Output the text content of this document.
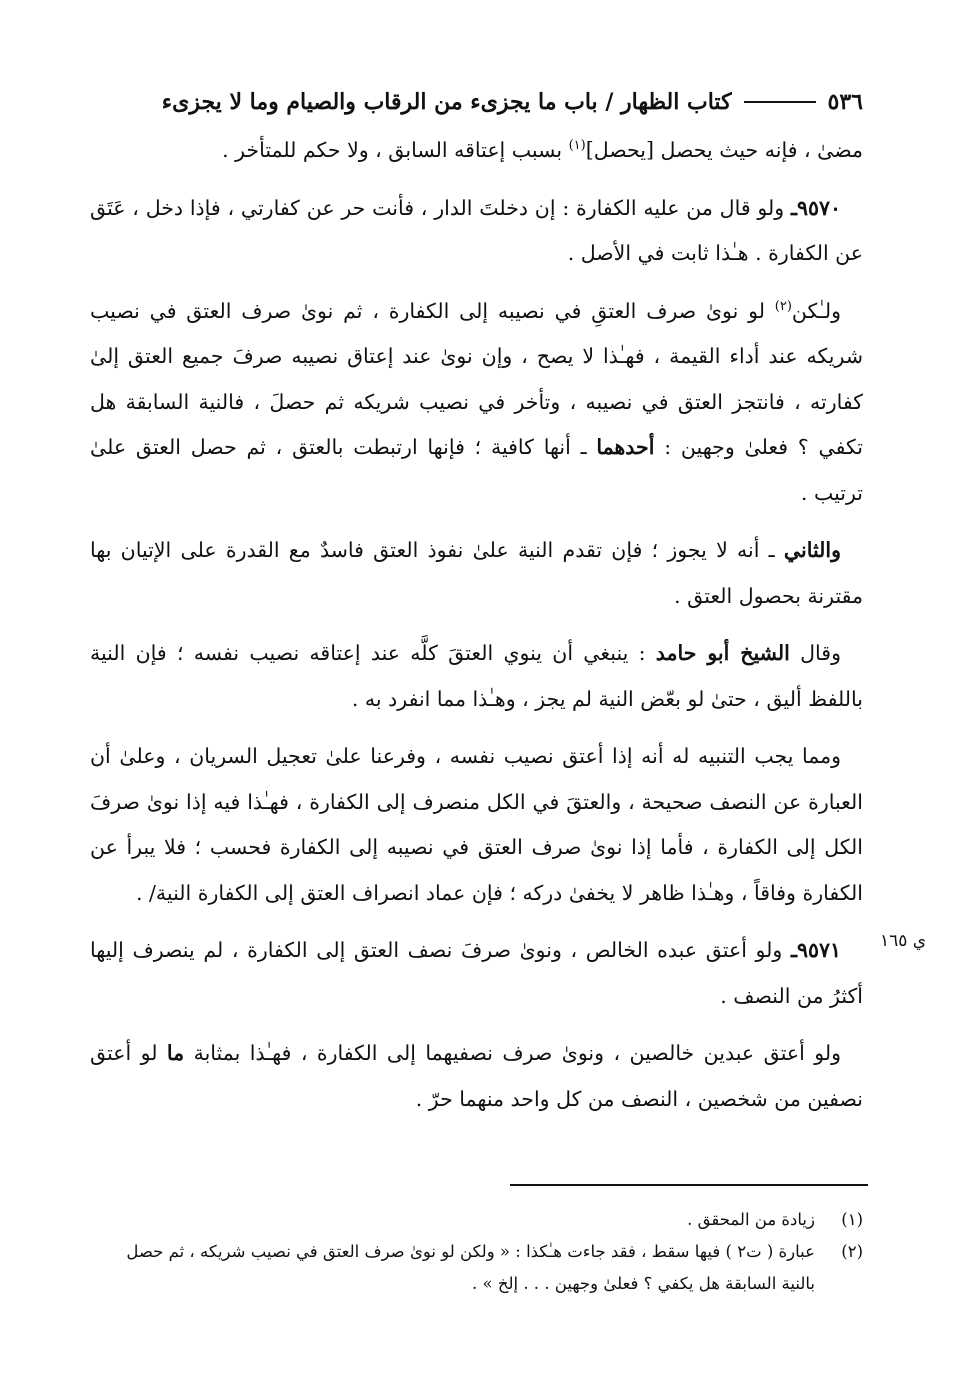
٥٣٦
كتاب الظهار / باب ما يجزىء من الرقاب والصيام وما لا يجزىء

مضىٰ ، فإنه حيث يحصل [يحصل]$^{(١)}$ بسبب إعتاقه السابق ، ولا حكم للمتأخر .

٩٥٧٠ـ ولو قال من عليه الكفارة : إن دخلتَ الدار ، فأنت حر عن كفارتي ، فإذا دخل ، عَتَق عن الكفارة . هـٰذا ثابت في الأصل .

ولـٰكن$^{(٢)}$ لو نوىٰ صرف العتقِ في نصيبه إلى الكفارة ، ثم نوىٰ صرف العتق في نصيب شريكه عند أداء القيمة ، فهـٰذا لا يصح ، وإن نوىٰ عند إعتاق نصيبه صرفَ جميع العتق إلىٰ كفارته ، فانتجز العتق في نصيبه ، وتأخر في نصيب شريكه ثم حصلَ ، فالنية السابقة هل تكفي ؟ فعلىٰ وجهين : أحدهما ـ أنها كافية ؛ فإنها ارتبطت بالعتق ، ثم حصل العتق علىٰ ترتيب .

والثاني ـ أنه لا يجوز ؛ فإن تقدم النية علىٰ نفوذ العتق فاسدٌ مع القدرة على الإتيان بها مقترنة بحصول العتق .

وقال الشيخ أبو حامد : ينبغي أن ينوي العتقَ كلَّه عند إعتاقه نصيب نفسه ؛ فإن النية باللفظ أليق ، حتىٰ لو بعّض النية لم يجز ، وهـٰذا مما انفرد به .

ومما يجب التنبيه له أنه إذا أعتق نصيب نفسه ، وفرعنا علىٰ تعجيل السريان ، وعلىٰ أن العبارة عن النصف صحيحة ، والعتقَ في الكل منصرف إلى الكفارة ، فهـٰذا فيه إذا نوىٰ صرفَ الكل إلى الكفارة ، فأما إذا نوىٰ صرف العتق في نصيبه إلى الكفارة فحسب ؛ فلا يبرأ عن الكفارة وفاقاً ، وهـٰذا ظاهر لا يخفىٰ دركه ؛ فإن عماد انصراف العتق إلى الكفارة النية/ .

٩٥٧١ـ ولو أعتق عبده الخالص ، ونوىٰ صرفَ نصف العتق إلى الكفارة ، لم ينصرف إليها أكثرُ من النصف .

ولو أعتق عبدين خالصين ، ونوىٰ صرف نصفيهما إلى الكفارة ، فهـٰذا بمثابة ما لو أعتق نصفين من شخصين ، النصف من كل واحد منهما حرّ .

ي ١٦٥
(١)
زيادة من المحقق .
(٢)
عبارة ( ت٢ ) فيها سقط ، فقد جاءت هـٰكذا : « ولكن لو نوىٰ صرف العتق في نصيب شريكه ، ثم حصل بالنية السابقة هل يكفي ؟ فعلىٰ وجهين . . . إلخ » .
